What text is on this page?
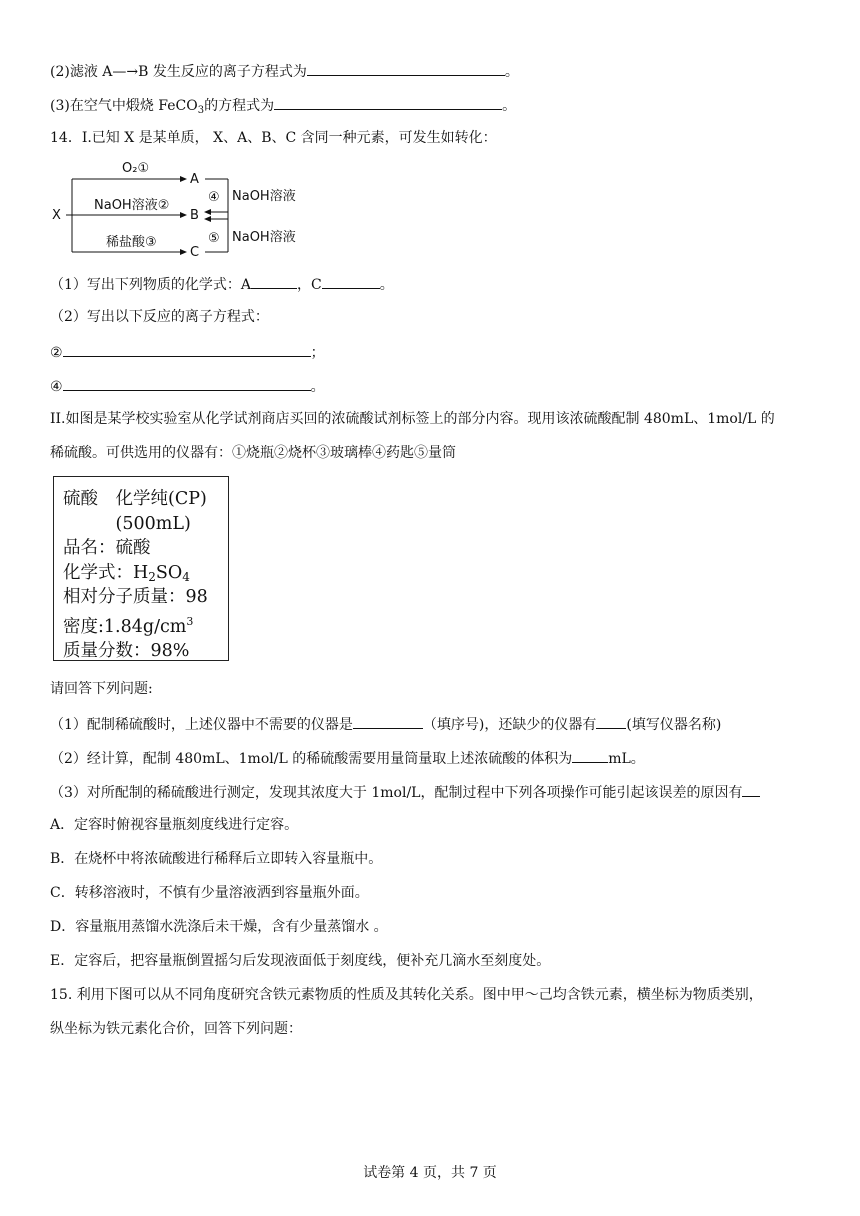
(2)滤液 A—→B 发生反应的离子方程式为	。
(3)在空气中煅烧 FeCO$_3$的方程式为	。
14．I.已知 X 是某单质， X、A、B、C 含同一种元素，可发生如转化：
X
O₂①
NaOH溶液②
稀盐酸③
A
B
C
④ NaOH溶液
⑤ NaOH溶液
（1）写出下列物质的化学式：A	，C	。
（2）写出以下反应的离子方程式：
②	；
④	。
II.如图是某学校实验室从化学试剂商店买回的浓硫酸试剂标签上的部分内容。现用该浓硫酸配制 480mL、1mol/L 的
稀硫酸。可供选用的仪器有：①烧瓶②烧杯③玻璃棒④药匙⑤量筒
硫酸　化学纯(CP)
　　　(500mL)
品名：硫酸
化学式：$H_2SO_4$
相对分子质量：98
密度$:1.84g/cm^3$
质量分数：98%
请回答下列问题:
（1）配制稀硫酸时，上述仪器中不需要的仪器是	（填序号)，还缺少的仪器有 (填写仪器名称)
（2）经计算，配制 480mL、1mol/L 的稀硫酸需要用量筒量取上述浓硫酸的体积为	mL。
（3）对所配制的稀硫酸进行测定，发现其浓度大于 1mol/L，配制过程中下列各项操作可能引起该误差的原因有
A．定容时俯视容量瓶刻度线进行定容。
B．在烧杯中将浓硫酸进行稀释后立即转入容量瓶中。
C．转移溶液时，不慎有少量溶液洒到容量瓶外面。
D．容量瓶用蒸馏水洗涤后未干燥，含有少量蒸馏水 。
E．定容后，把容量瓶倒置摇匀后发现液面低于刻度线，便补充几滴水至刻度处。
15. 利用下图可以从不同角度研究含铁元素物质的性质及其转化关系。图中甲～己均含铁元素，横坐标为物质类别，
纵坐标为铁元素化合价，回答下列问题：
试卷第 4 页，共 7 页
